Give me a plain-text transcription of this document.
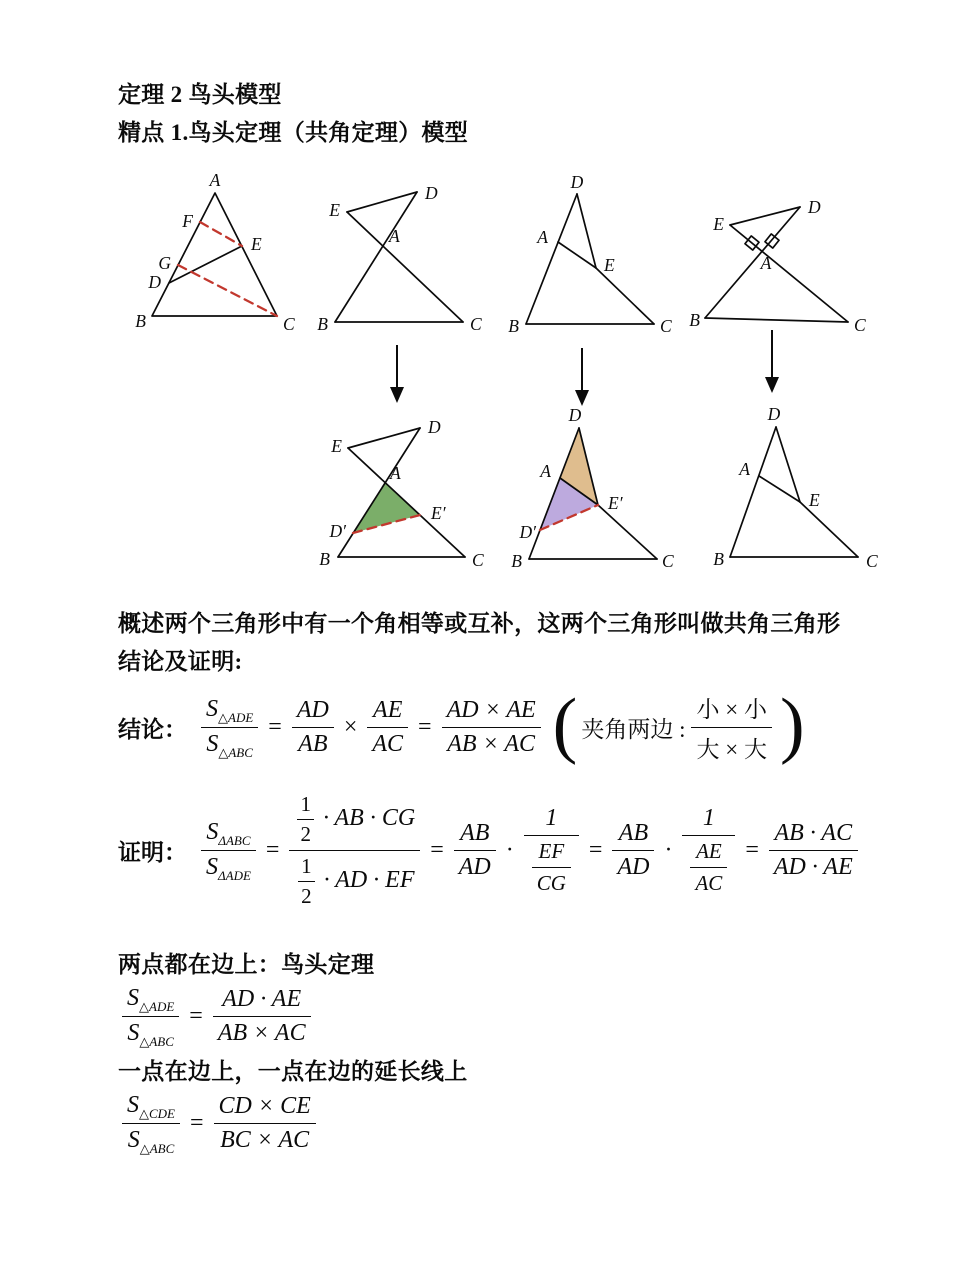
定理 2 鸟头模型
精点 1.鸟头定理（共角定理）模型
A
F
E
G
D
B	C
D
E
A
B	C
D
A
E
B	C
D
E
A
B	C
D
E
A
E′
D′
B	C
D
A
E′
D′
B	C
D
A
E
B	C
概述两个三角形中有一个角相等或互补，这两个三角形叫做共角三角形
结论及证明:
结论： $\frac{S_{\triangle ADE}}{S_{\triangle ABC}} = \frac{AD}{AB} \times \frac{AE}{AC} = \frac{AD \times AE}{AB \times AC}$ ( 夹角两边 : $\frac{\text{小 × 小}}{\text{大 × 大}}$ )
证明： $\frac{S_{\Delta ABC}}{S_{\Delta ADE}} = \frac{\frac{1}{2} \cdot AB \cdot CG}{\frac{1}{2} \cdot AD \cdot EF} = \frac{AB}{AD} \cdot \frac{1}{\frac{EF}{CG}} = \frac{AB}{AD} \cdot \frac{1}{\frac{AE}{AC}} = \frac{AB \cdot AC}{AD \cdot AE}$
两点都在边上：鸟头定理
$\frac{S_{\triangle ADE}}{S_{\triangle ABC}} = \frac{AD \cdot AE}{AB \times AC}$
一点在边上，一点在边的延长线上
$\frac{S_{\triangle CDE}}{S_{\triangle ABC}} = \frac{CD \times CE}{BC \times AC}$
